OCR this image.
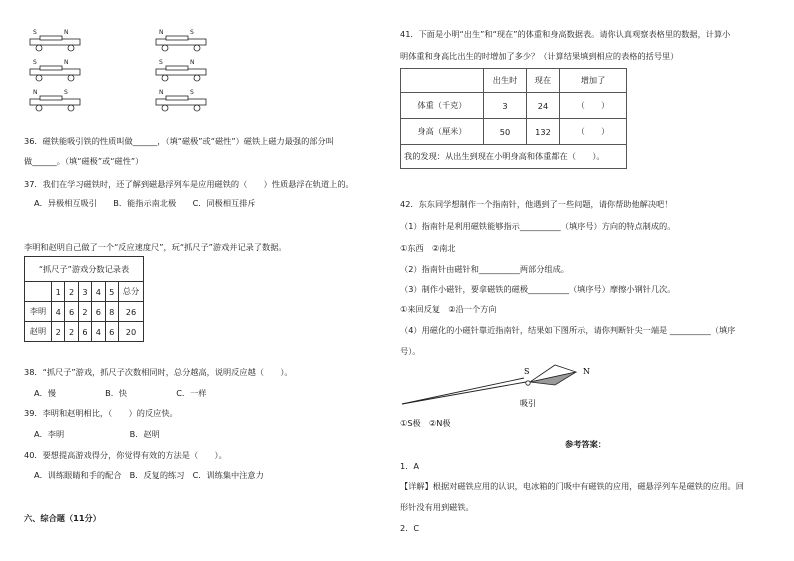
S	N	N	S
S	N	S	N
N	S	N	S
36．磁铁能吸引铁的性质叫做______，（填“磁极”或“磁性”）磁铁上磁力最强的部分叫
做______。（填“磁极”或“磁性”）
37．我们在学习磁铁时，还了解到磁悬浮列车是应用磁铁的（　　）性质悬浮在轨道上的。
A．异极相互吸引　　B．能指示南北极　　C．同极相互排斥
李明和赵明自己做了一个“反应速度尺”，玩“抓尺子”游戏并记录了数据。
“抓尺子”游戏分数记录表						
	1	2	3	4	5	总分
李明	4	6	2	6	8	26
赵明	2	2	6	4	6	20
38．“抓尺子”游戏，抓尺子次数相同时，总分越高，说明反应越（　　）。
A．慢　　　　　　B．快　　　　　　C．一样
39．李明和赵明相比，（　　）的反应快。
A．李明　　　　　　　　B．赵明
40．要想提高游戏得分，你觉得有效的方法是（　　）。
A．训练眼睛和手的配合　B．反复的练习　C．训练集中注意力
六、综合题（11分）
41．下面是小明“出生”和“现在”的体重和身高数据表。请你认真观察表格里的数据，计算小
明体重和身高比出生的时增加了多少？（计算结果填到相应的表格的括号里）
	出生时	现在	增加了
体重（千克）	3	24	（　　）
身高（厘米）	50	132	（　　）
我的发现：从出生到现在小明身高和体重都在（　　）。			
42．东东同学想制作一个指南针，他遇到了一些问题，请你帮助他解决吧！
（1）指南针是利用磁铁能够指示__________（填序号）方向的特点制成的。
①东西　②南北
（2）指南针由磁针和__________两部分组成。
（3）制作小磁针，要拿磁铁的磁极__________（填序号）摩擦小钢针几次。
①来回反复　②沿一个方向
（4）用磁化的小磁针靠近指南针，结果如下图所示，请你判断针尖一端是 __________（填序
号）。
S	N
吸引
①S极　②N极
参考答案：
1．A
【详解】根据对磁铁应用的认识，电冰箱的门吸中有磁铁的应用，磁悬浮列车是磁铁的应用。回
形针没有用到磁铁。
2．C
